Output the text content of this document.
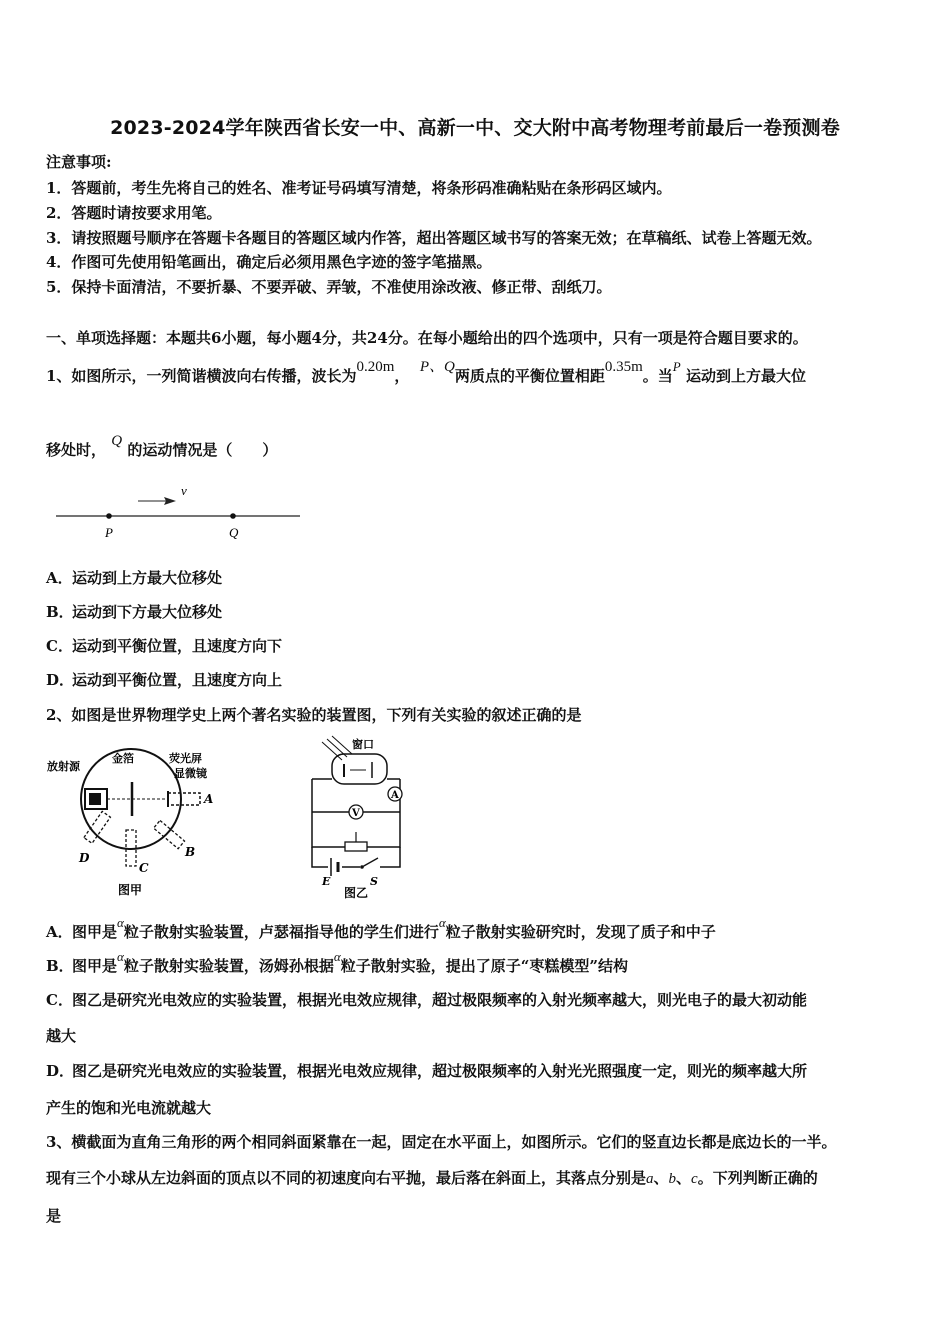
2023-2024学年陕西省长安一中、高新一中、交大附中高考物理考前最后一卷预测卷
注意事项:
1．答题前，考生先将自己的姓名、准考证号码填写清楚，将条形码准确粘贴在条形码区域内。
2．答题时请按要求用笔。
3．请按照题号顺序在答题卡各题目的答题区域内作答，超出答题区域书写的答案无效；在草稿纸、试卷上答题无效。
4．作图可先使用铅笔画出，确定后必须用黑色字迹的签字笔描黑。
5．保持卡面清洁，不要折暴、不要弄破、弄皱，不准使用涂改液、修正带、刮纸刀。
一、单项选择题：本题共6小题，每小题4分，共24分。在每小题给出的四个选项中，只有一项是符合题目要求的。
1、如图所示，一列简谐横波向右传播，波长为0.20m， P、Q两质点的平衡位置相距0.35m。当P 运动到上方最大位
移处时， Q 的运动情况是（　　）
v
P	Q
A．运动到上方最大位移处
B．运动到下方最大位移处
C．运动到平衡位置，且速度方向下
D．运动到平衡位置，且速度方向上
2、如图是世界物理学史上两个著名实验的装置图，下列有关实验的叙述正确的是
放射源
金箔	荧光屏
显微镜
A
B
C
D
图甲
窗口
A
V
E	S
图乙
A．图甲是α粒子散射实验装置，卢瑟福指导他的学生们进行α粒子散射实验研究时，发现了质子和中子
B．图甲是α粒子散射实验装置，汤姆孙根据α粒子散射实验，提出了原子“枣糕模型”结构
C．图乙是研究光电效应的实验装置，根据光电效应规律，超过极限频率的入射光频率越大，则光电子的最大初动能
越大
D．图乙是研究光电效应的实验装置，根据光电效应规律，超过极限频率的入射光光照强度一定，则光的频率越大所
产生的饱和光电流就越大
3、横截面为直角三角形的两个相同斜面紧靠在一起，固定在水平面上，如图所示。它们的竖直边长都是底边长的一半。
现有三个小球从左边斜面的顶点以不同的初速度向右平抛，最后落在斜面上，其落点分别是a、b、c。下列判断正确的
是
